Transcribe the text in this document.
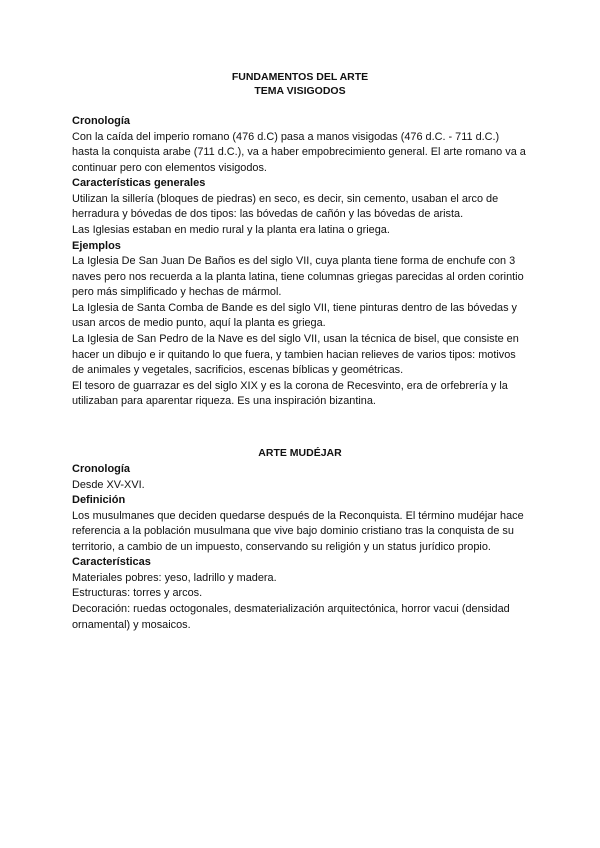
FUNDAMENTOS DEL ARTE

TEMA VISIGODOS

Cronología

Con la caída del imperio romano (476 d.C) pasa a manos visigodas (476 d.C. - 711 d.C.) hasta la conquista arabe (711 d.C.), va a haber empobrecimiento general. El arte romano va a continuar pero con elementos visigodos.

Características generales

Utilizan la sillería (bloques de piedras) en seco, es decir, sin cemento, usaban el arco de herradura y bóvedas de dos tipos: las bóvedas de cañón y las bóvedas de arista.

Las Iglesias estaban en medio rural y la planta era latina o griega.

Ejemplos

La Iglesia De San Juan De Baños es del siglo VII, cuya planta tiene forma de enchufe con 3 naves pero nos recuerda a la planta latina, tiene columnas griegas parecidas al orden corintio pero más simplificado y hechas de mármol.

La Iglesia de Santa Comba de Bande es del siglo VII, tiene pinturas dentro de las bóvedas y usan arcos de medio punto, aquí la planta es griega.

La Iglesia de San Pedro de la Nave es del siglo VII, usan la técnica de bisel, que consiste en hacer un dibujo e ir quitando lo que fuera, y tambien hacian relieves de varios tipos: motivos de animales y vegetales, sacrificios, escenas bíblicas y geométricas.

El tesoro de guarrazar es del siglo XIX y es la corona de Recesvinto, era de orfebrería y la utilizaban para aparentar riqueza. Es una inspiración bizantina.

ARTE MUDÉJAR

Cronología

Desde XV-XVI.

Definición

Los musulmanes que deciden quedarse después de la Reconquista. El término mudéjar hace referencia a la población musulmana que vive bajo dominio cristiano tras la conquista de su territorio, a cambio de un impuesto, conservando su religión y un status jurídico propio.

Características

Materiales pobres: yeso, ladrillo y madera.

Estructuras: torres y arcos.

Decoración: ruedas octogonales, desmaterialización arquitectónica, horror vacui (densidad ornamental) y mosaicos.
